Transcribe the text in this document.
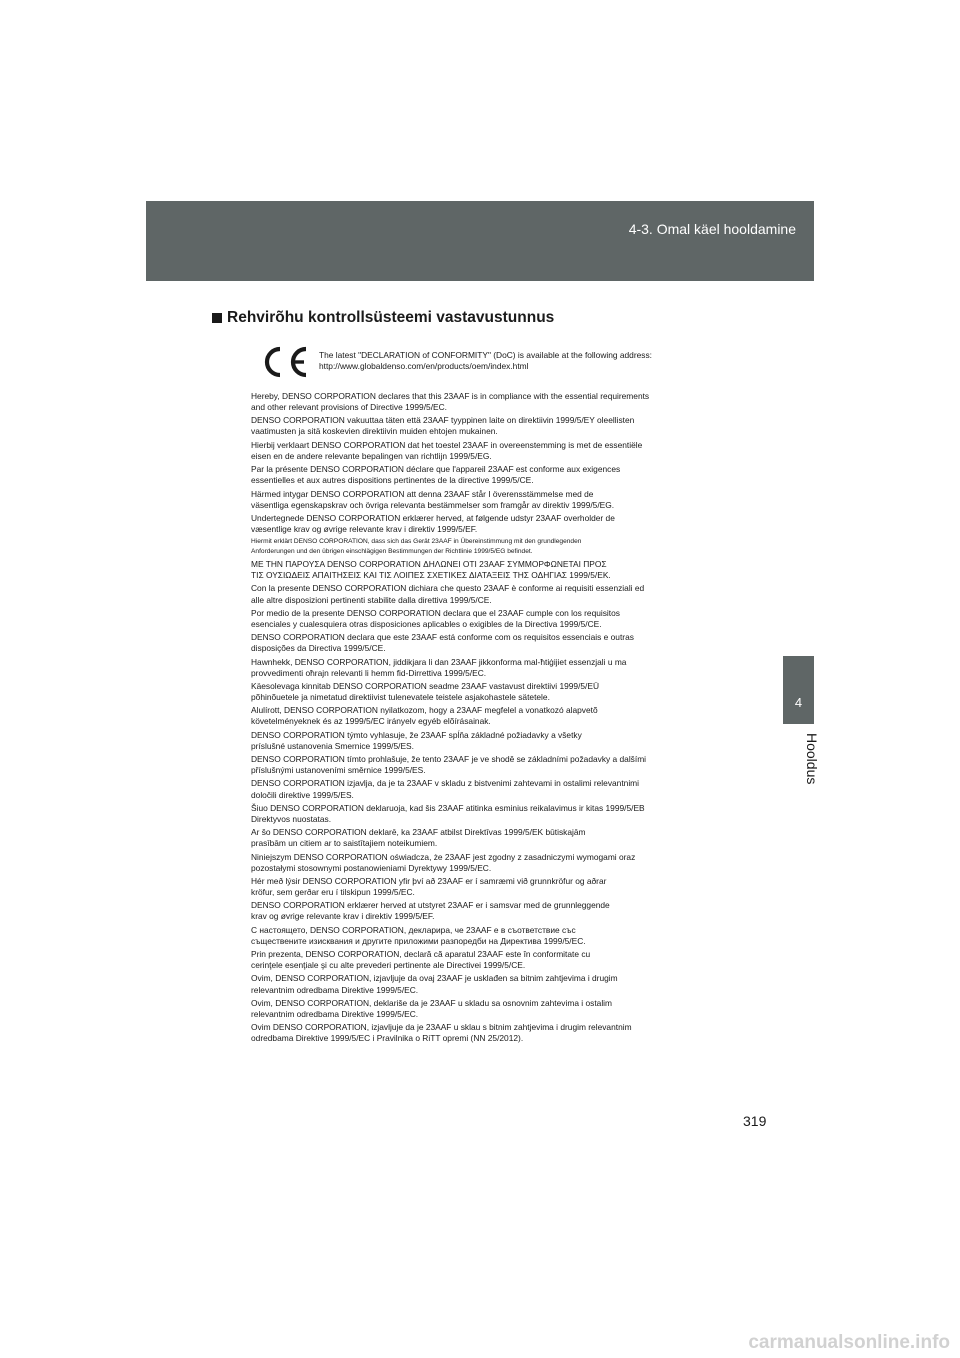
4-3. Omal käel hooldamine
4
Hooldus
Rehvirõhu kontrollsüsteemi vastavustunnus
The latest "DECLARATION of CONFORMITY" (DoC) is available at the following address:
http://www.globaldenso.com/en/products/oem/index.html

Hereby, DENSO CORPORATION declares that this 23AAF is in compliance with the essential requirements
and other relevant provisions of Directive 1999/5/EC.

DENSO CORPORATION vakuuttaa täten että 23AAF tyyppinen laite on direktiivin 1999/5/EY oleellisten
vaatimusten ja sitä koskevien direktiivin muiden ehtojen mukainen.

Hierbij verklaart DENSO CORPORATION dat het toestel 23AAF in overeenstemming is met de essentiële
eisen en de andere relevante bepalingen van richtlijn 1999/5/EG.

Par la présente DENSO CORPORATION déclare que l'appareil 23AAF est conforme aux exigences
essentielles et aux autres dispositions pertinentes de la directive 1999/5/CE.

Härmed intygar DENSO CORPORATION att denna 23AAF står I överensstämmelse med de
väsentliga egenskapskrav och övriga relevanta bestämmelser som framgår av direktiv 1999/5/EG.

Undertegnede DENSO CORPORATION erklærer herved, at følgende udstyr 23AAF overholder de
væsentlige krav og øvrige relevante krav i direktiv 1999/5/EF.

Hiermit erklärt DENSO CORPORATION, dass sich das Gerät 23AAF in Übereinstimmung mit den grundlegenden
Anforderungen und den übrigen einschlägigen Bestimmungen der Richtlinie 1999/5/EG befindet.

ΜΕ ΤΗΝ ΠΑΡΟΥΣΑ DENSO CORPORATION ΔΗΛΩΝΕΙ ΟΤΙ 23AAF ΣΥΜΜΟΡΦΩΝΕΤΑΙ ΠΡΟΣ
ΤΙΣ ΟΥΣΙΩΔΕΙΣ ΑΠΑΙΤΗΣΕΙΣ ΚΑΙ ΤΙΣ ΛΟΙΠΕΣ ΣΧΕΤΙΚΕΣ ΔΙΑΤΑΞΕΙΣ ΤΗΣ ΟΔΗΓΙΑΣ 1999/5/ΕΚ.

Con la presente DENSO CORPORATION dichiara che questo 23AAF è conforme ai requisiti essenziali ed
alle altre disposizioni pertinenti stabilite dalla direttiva 1999/5/CE.

Por medio de la presente DENSO CORPORATION declara que el 23AAF cumple con los requisitos
esenciales y cualesquiera otras disposiciones aplicables o exigibles de la Directiva 1999/5/CE.

DENSO CORPORATION declara que este 23AAF está conforme com os requisitos essenciais e outras
disposições da Directiva 1999/5/CE.

Hawnhekk, DENSO CORPORATION, jiddikjara li dan 23AAF jikkonforma mal-ħtiġijiet essenzjali u ma
provvedimenti oħrajn relevanti li hemm fid-Dirrettiva 1999/5/EC.

Käesolevaga kinnitab DENSO CORPORATION seadme 23AAF vastavust direktiivi 1999/5/EÜ
põhinõuetele ja nimetatud direktiivist tulenevatele teistele asjakohastele sätetele.

Alulírott, DENSO CORPORATION nyilatkozom, hogy a 23AAF megfelel a vonatkozó alapvetõ
követelményeknek és az 1999/5/EC irányelv egyéb elõírásainak.

DENSO CORPORATION týmto vyhlasuje, že 23AAF spĺňa základné požiadavky a všetky
príslušné ustanovenia Smernice 1999/5/ES.

DENSO CORPORATION tímto prohlašuje, že tento 23AAF je ve shodě se základními požadavky a dalšími
příslušnými ustanoveními směrnice 1999/5/ES.

DENSO CORPORATION izjavlja, da je ta 23AAF v skladu z bistvenimi zahtevami in ostalimi relevantnimi
določili direktive 1999/5/ES.

Šiuo DENSO CORPORATION deklaruoja, kad šis 23AAF atitinka esminius reikalavimus ir kitas 1999/5/EB
Direktyvos nuostatas.

Ar šo DENSO CORPORATION deklarē, ka 23AAF atbilst Direktīvas 1999/5/EK būtiskajām
prasībām un citiem ar to saistītajiem noteikumiem.

Niniejszym DENSO CORPORATION oświadcza, że 23AAF jest zgodny z zasadniczymi wymogami oraz
pozostałymi stosownymi postanowieniami Dyrektywy 1999/5/EC.

Hér með lýsir DENSO CORPORATION yfir því að 23AAF er í samræmi við grunnkröfur og aðrar
kröfur, sem gerðar eru í tilskipun 1999/5/EC.

DENSO CORPORATION erklærer herved at utstyret 23AAF er i samsvar med de grunnleggende
krav og øvrige relevante krav i direktiv 1999/5/EF.

С настоящето, DENSO CORPORATION, декларира, че 23AAF е в съответствие със
съществените изисквания и другите приложими разпоредби на Директива 1999/5/ЕС.

Prin prezenta, DENSO CORPORATION, declară că aparatul 23AAF este în conformitate cu
cerinţele esenţiale şi cu alte prevederi pertinente ale Directivei 1999/5/CE.

Ovim, DENSO CORPORATION, izjavljuje da ovaj 23AAF je usklađen sa bitnim zahtjevima i drugim
relevantnim odredbama Direktive 1999/5/EC.

Ovim, DENSO CORPORATION, deklariše da je 23AAF u skladu sa osnovnim zahtevima i ostalim
relevantnim odredbama Direktive 1999/5/EC.

Ovim DENSO CORPORATION, izjavljuje da je 23AAF u sklau s bitnim zahtjevima i drugim relevantnim
odredbama Direktive 1999/5/EC i Pravilnika o RiTT opremi (NN 25/2012).

319
carmanualsonline.info
